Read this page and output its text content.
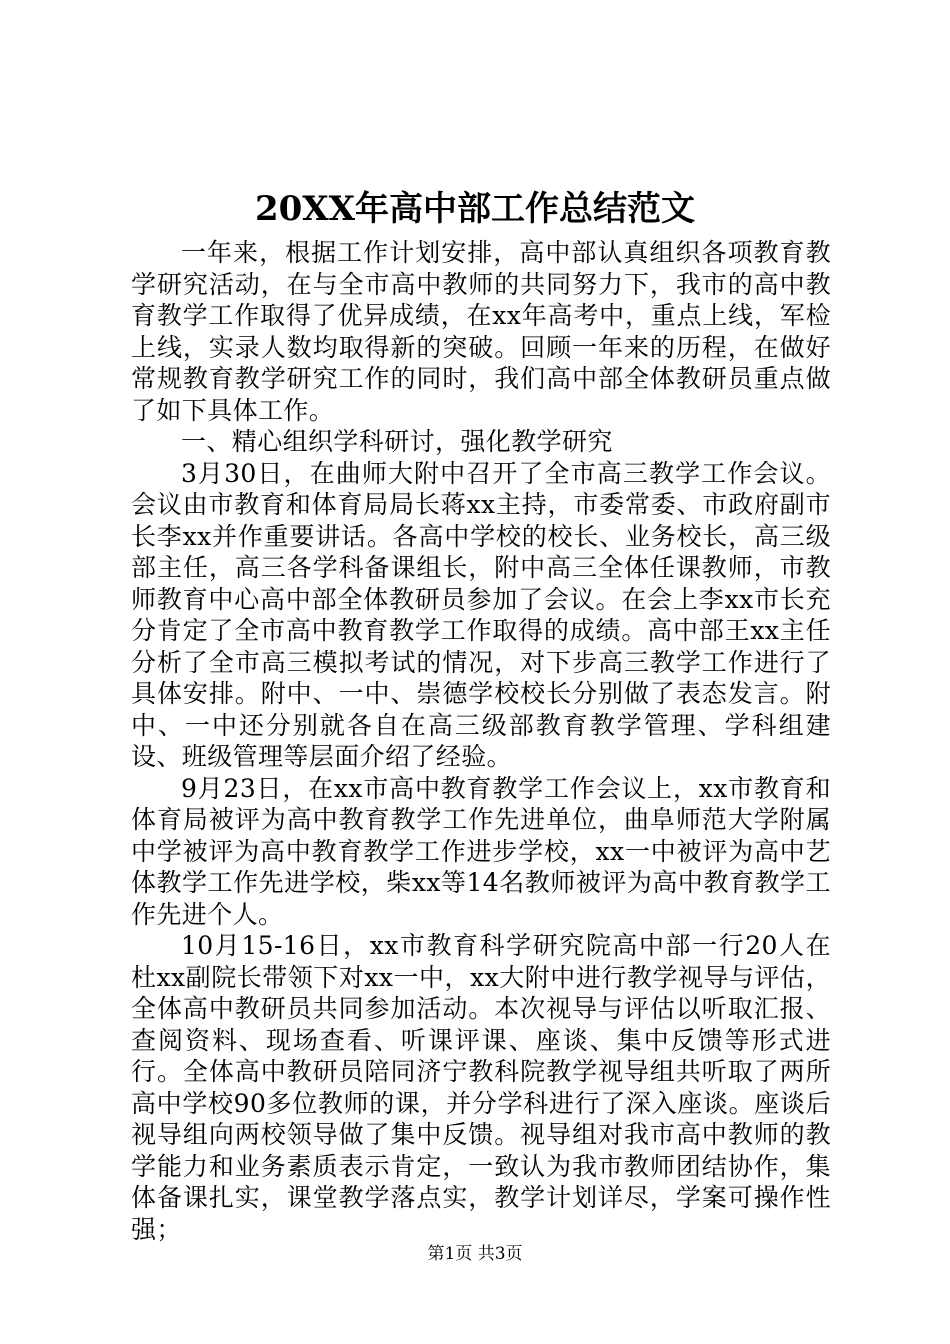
20XX年高中部工作总结范文

一年来，根据工作计划安排，高中部认真组织各项教育教学研究活动，在与全市高中教师的共同努力下，我市的高中教育教学工作取得了优异成绩，在xx年高考中，重点上线，军检上线，实录人数均取得新的突破。回顾一年来的历程，在做好常规教育教学研究工作的同时，我们高中部全体教研员重点做了如下具体工作。

一、精心组织学科研讨，强化教学研究

3月30日，在曲师大附中召开了全市高三教学工作会议。会议由市教育和体育局局长蒋xx主持，市委常委、市政府副市长李xx并作重要讲话。各高中学校的校长、业务校长，高三级部主任，高三各学科备课组长，附中高三全体任课教师，市教师教育中心高中部全体教研员参加了会议。在会上李xx市长充分肯定了全市高中教育教学工作取得的成绩。高中部王xx主任分析了全市高三模拟考试的情况，对下步高三教学工作进行了具体安排。附中、一中、崇德学校校长分别做了表态发言。附中、一中还分别就各自在高三级部教育教学管理、学科组建设、班级管理等层面介绍了经验。

9月23日，在xx市高中教育教学工作会议上，xx市教育和体育局被评为高中教育教学工作先进单位，曲阜师范大学附属中学被评为高中教育教学工作进步学校，xx一中被评为高中艺体教学工作先进学校，柴xx等14名教师被评为高中教育教学工作先进个人。

10月15-16日，xx市教育科学研究院高中部一行20人在杜xx副院长带领下对xx一中，xx大附中进行教学视导与评估，全体高中教研员共同参加活动。本次视导与评估以听取汇报、查阅资料、现场查看、听课评课、座谈、集中反馈等形式进行。全体高中教研员陪同济宁教科院教学视导组共听取了两所高中学校90多位教师的课，并分学科进行了深入座谈。座谈后视导组向两校领导做了集中反馈。视导组对我市高中教师的教学能力和业务素质表示肯定，一致认为我市教师团结协作，集体备课扎实，课堂教学落点实，教学计划详尽，学案可操作性强；

第1页 共3页
